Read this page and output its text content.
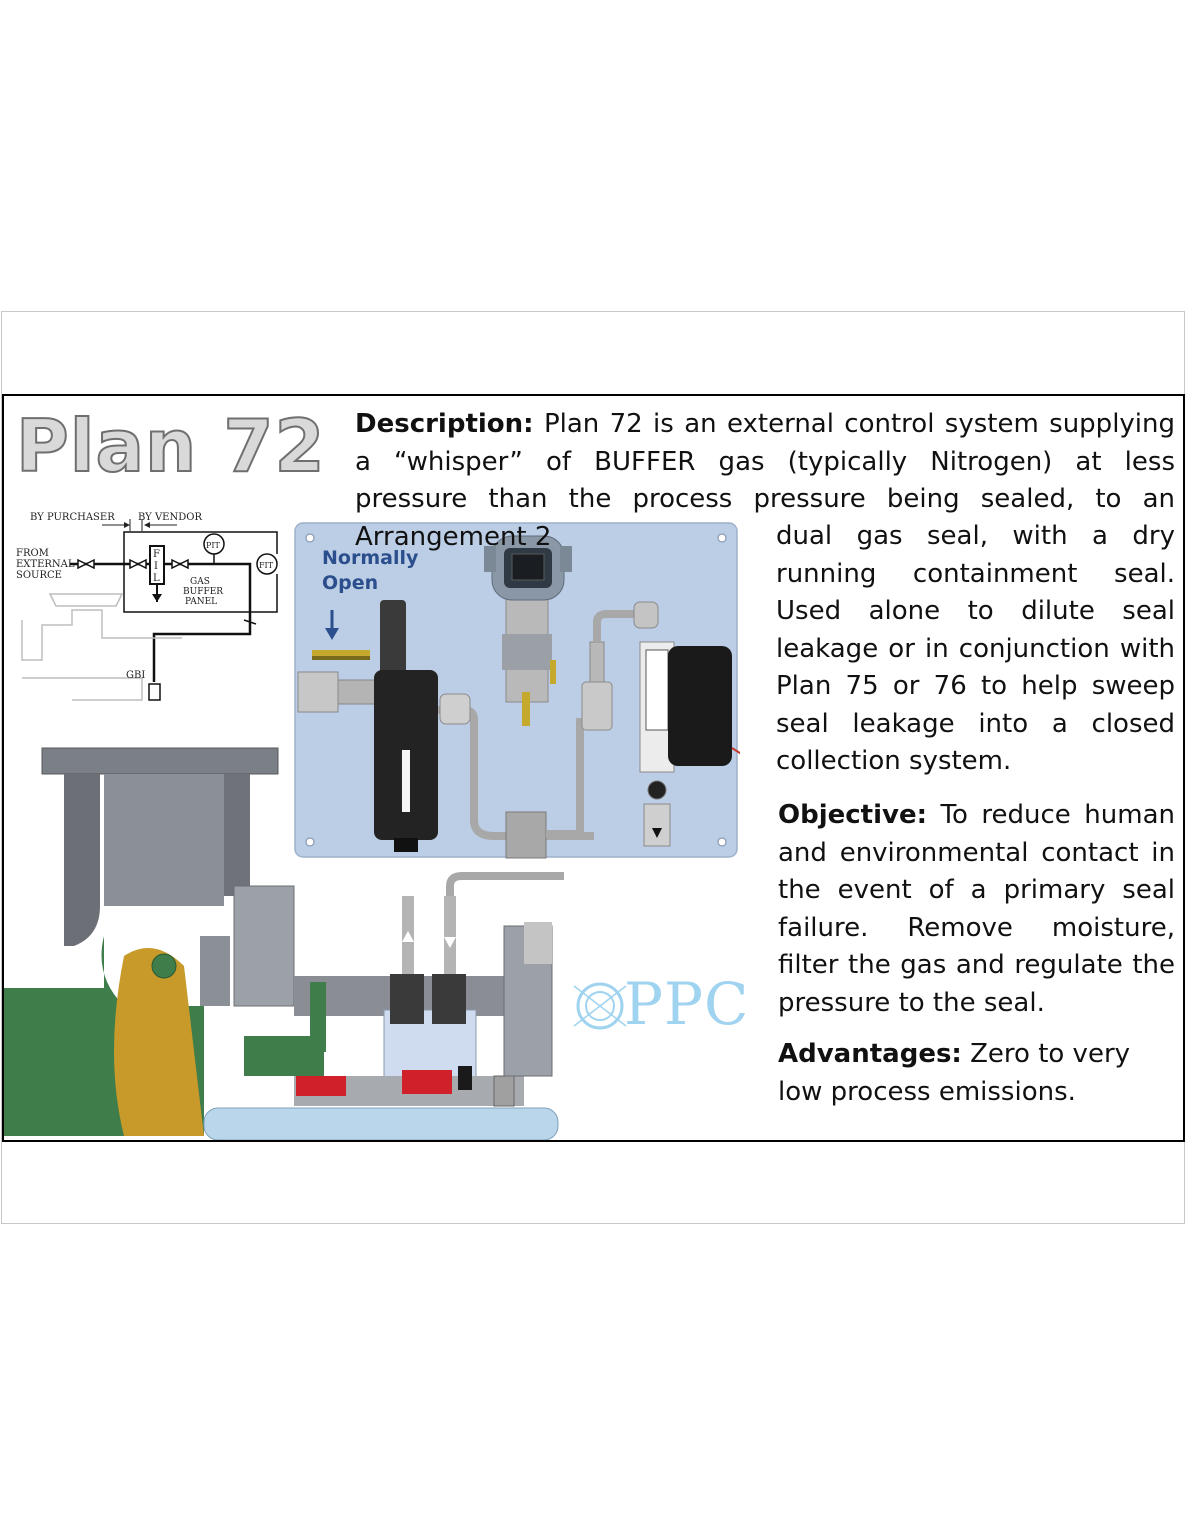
Plan 72
BY PURCHASER BY VENDOR
FROM
EXTERNAL
SOURCE
F
I
L
PIT
FIT
GAS
BUFFER
PANEL
GBI

Normally
Open

PPC

Description: Plan 72 is an external control system supplying a “whisper” of BUFFER gas (typically Nitrogen) at less pressure than the process pressure being sealed, to an Arrangement 2	dual gas seal, with a dry running containment seal. Used alone to dilute seal leakage or in conjunction with Plan 75 or 76 to help sweep seal leakage into a closed collection system.

Objective: To reduce human and environmental contact in the event of a primary seal failure. Remove moisture, filter the gas and regulate the pressure to the seal.

Advantages: Zero to very low process emissions.
